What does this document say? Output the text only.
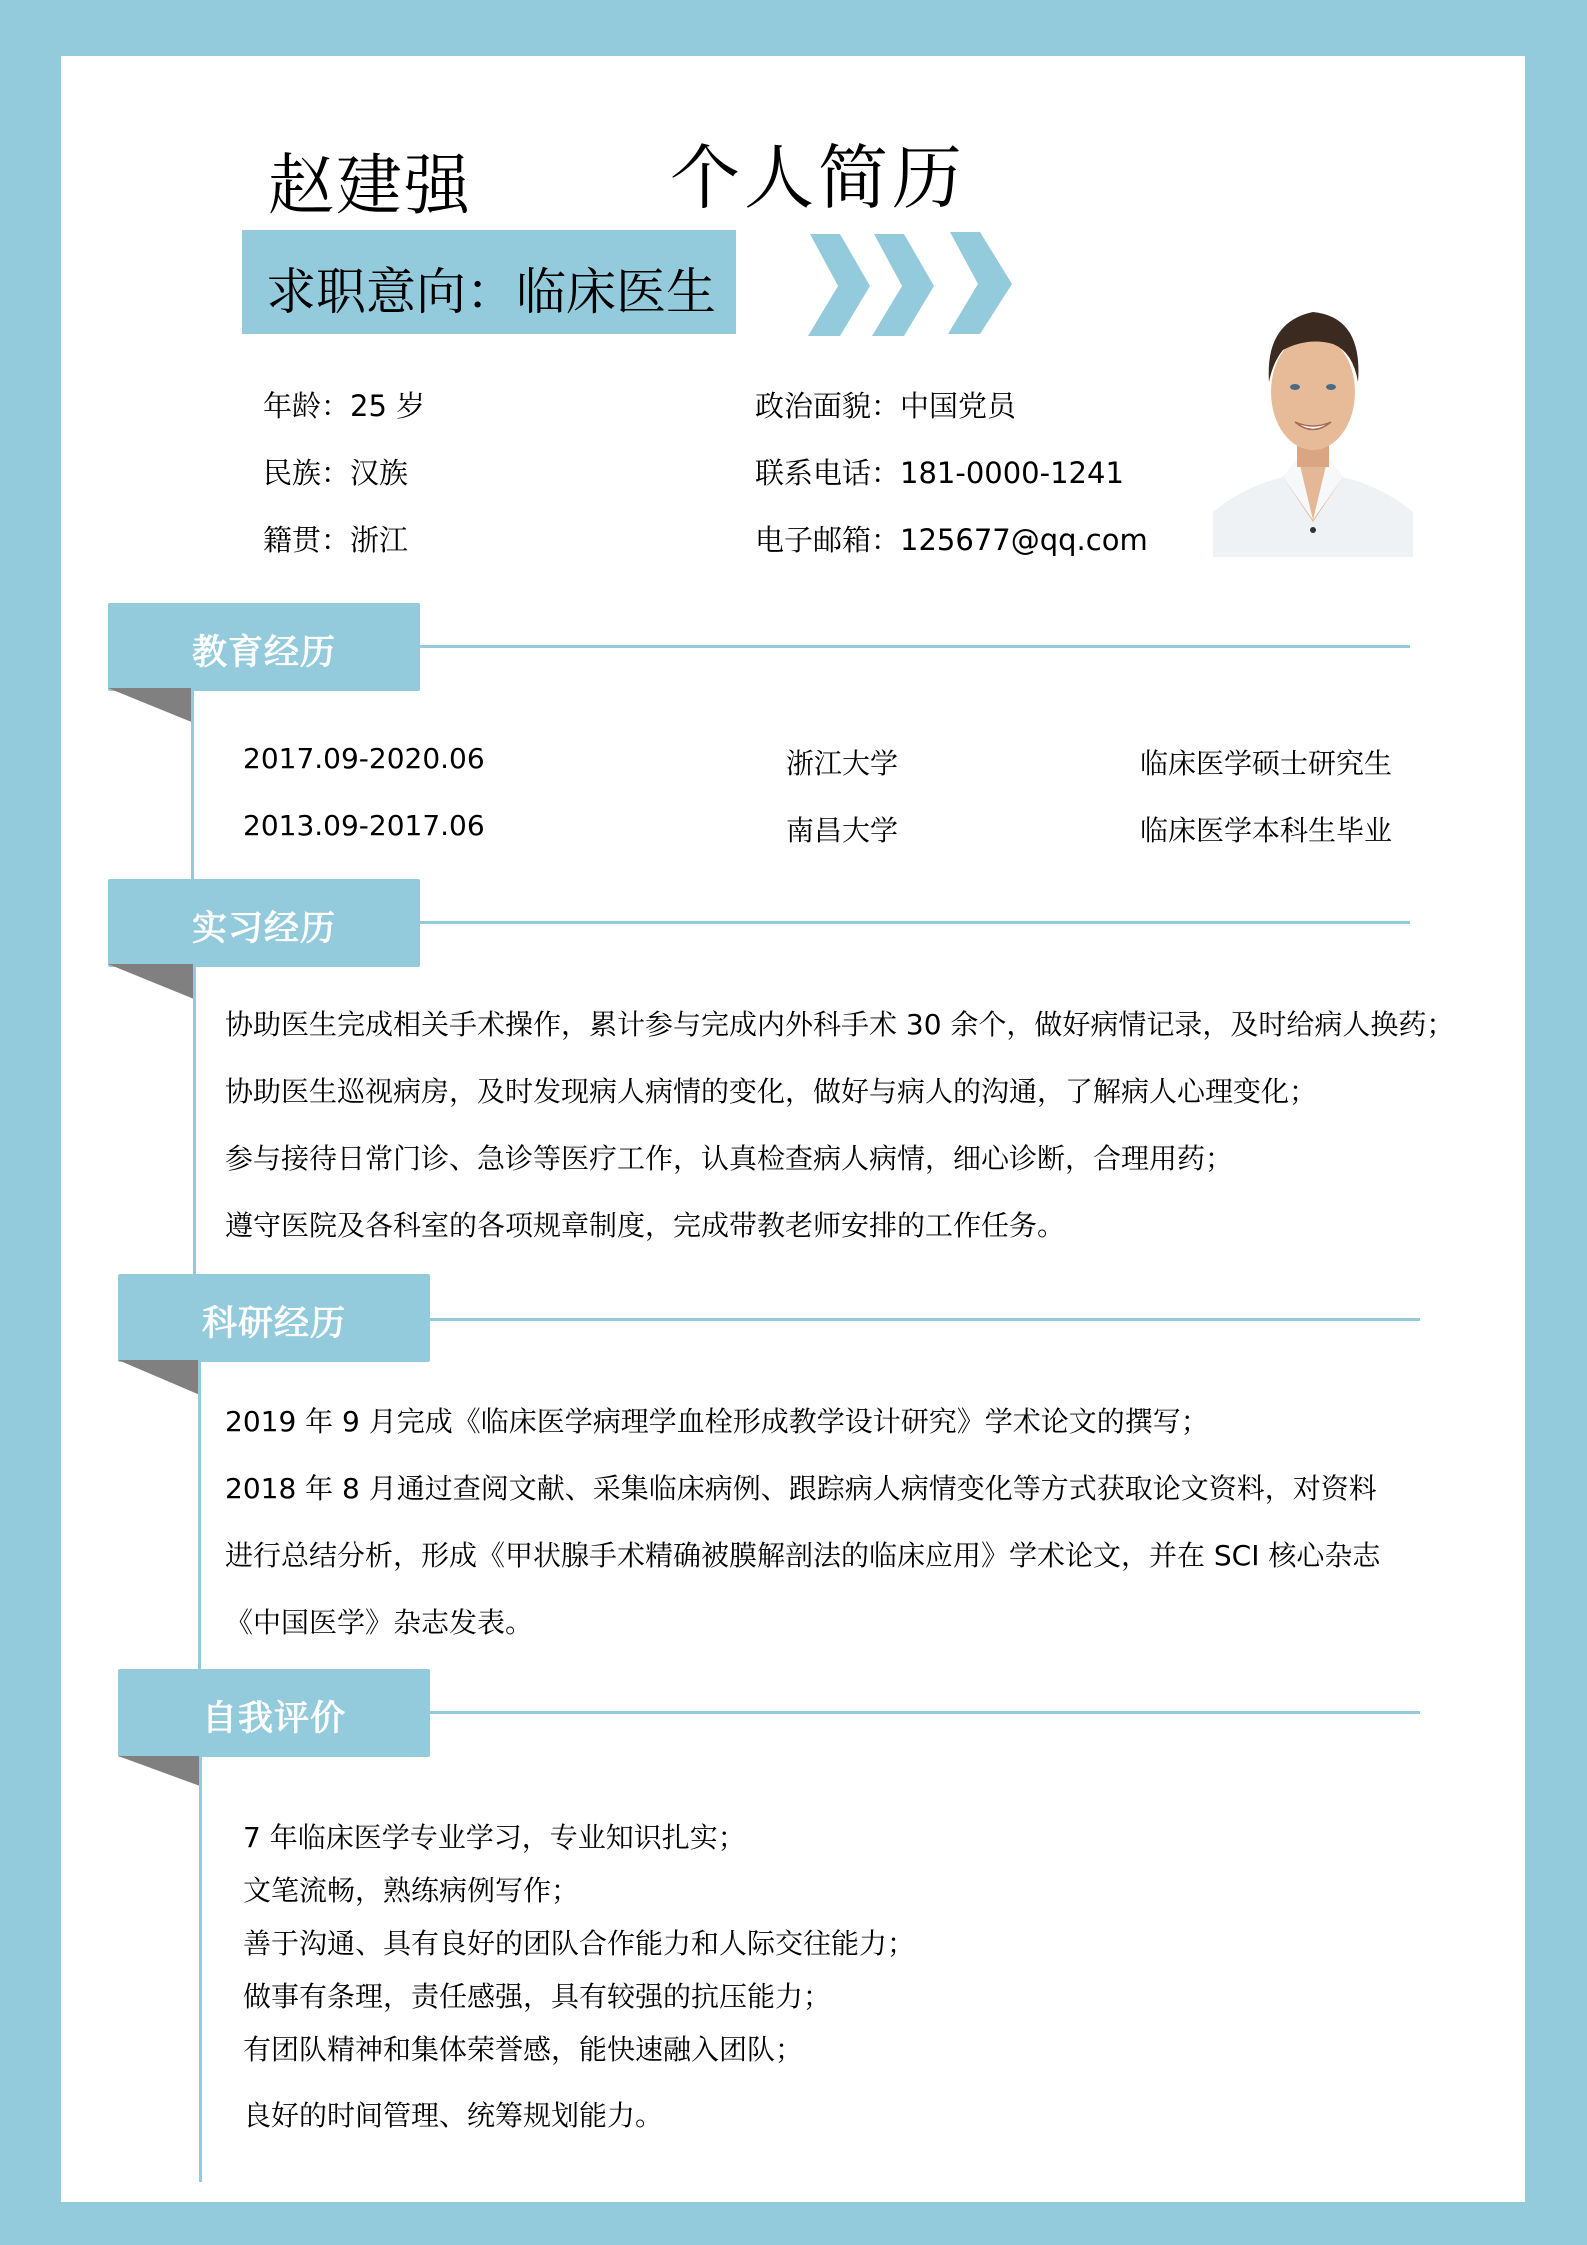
赵建强	个人简历
求职意向：临床医生
年龄：25 岁
民族：汉族
籍贯：浙江
政治面貌：中国党员
联系电话：181-0000-1241
电子邮箱：125677@qq.com
教育经历
2017.09-2020.06	浙江大学	临床医学硕士研究生
2013.09-2017.06	南昌大学	临床医学本科生毕业
实习经历
协助医生完成相关手术操作，累计参与完成内外科手术 30 余个，做好病情记录，及时给病人换药；
协助医生巡视病房，及时发现病人病情的变化，做好与病人的沟通，了解病人心理变化；
参与接待日常门诊、急诊等医疗工作，认真检查病人病情，细心诊断，合理用药；
遵守医院及各科室的各项规章制度，完成带教老师安排的工作任务。
科研经历
2019 年 9 月完成《临床医学病理学血栓形成教学设计研究》学术论文的撰写；
2018 年 8 月通过查阅文献、采集临床病例、跟踪病人病情变化等方式获取论文资料，对资料
进行总结分析，形成《甲状腺手术精确被膜解剖法的临床应用》学术论文，并在 SCI 核心杂志
《中国医学》杂志发表。
自我评价
7 年临床医学专业学习，专业知识扎实；
文笔流畅，熟练病例写作；
善于沟通、具有良好的团队合作能力和人际交往能力；
做事有条理，责任感强，具有较强的抗压能力；
有团队精神和集体荣誉感，能快速融入团队；
良好的时间管理、统筹规划能力。
